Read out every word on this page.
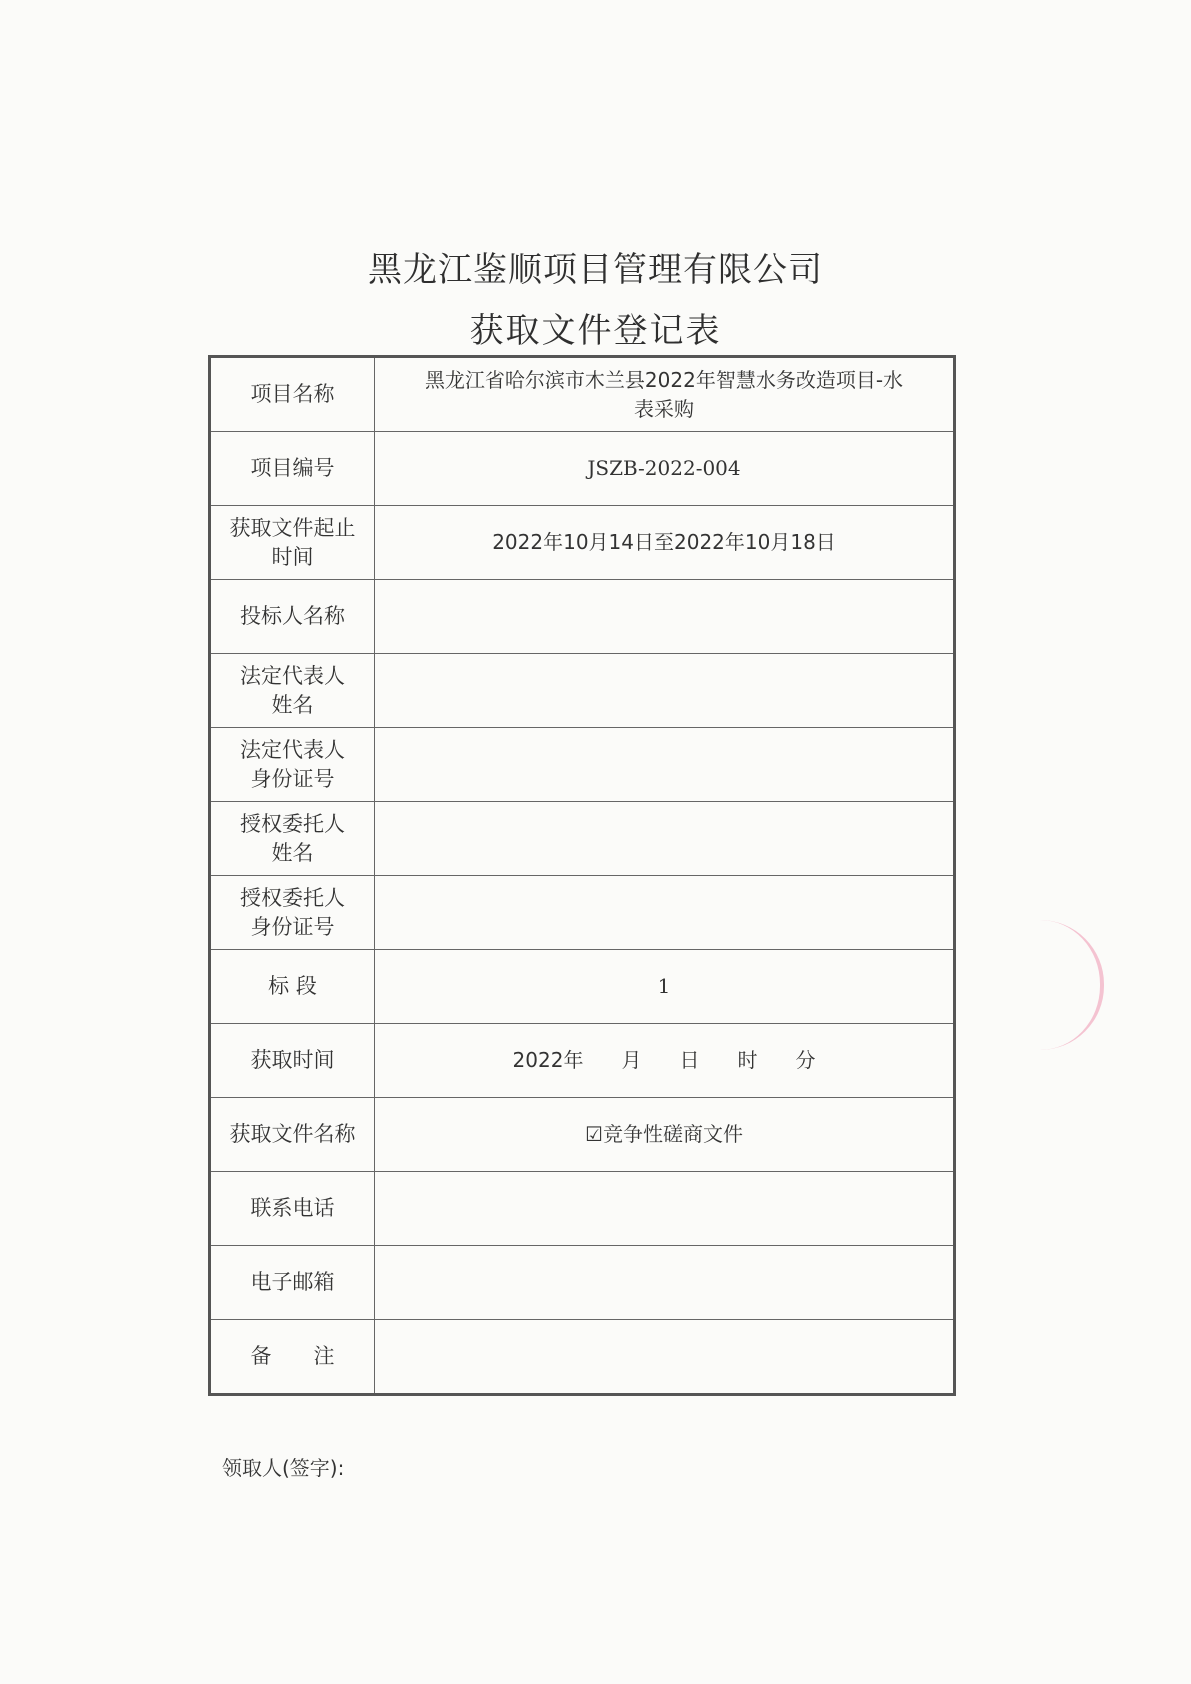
黑龙江鉴顺项目管理有限公司
获取文件登记表
项目名称	黑龙江省哈尔滨市木兰县2022年智慧水务改造项目-水表采购
项目编号	JSZB-2022-004
获取文件起止时间	2022年10月14日至2022年10月18日
投标人名称	
法定代表人姓名	
法定代表人身份证号	
授权委托人姓名	
授权委托人身份证号	
标 段	1
获取时间	2022年 月 日 时 分
获取文件名称	☑竞争性磋商文件
联系电话	
电子邮箱	
备　　注	
领取人(签字):
